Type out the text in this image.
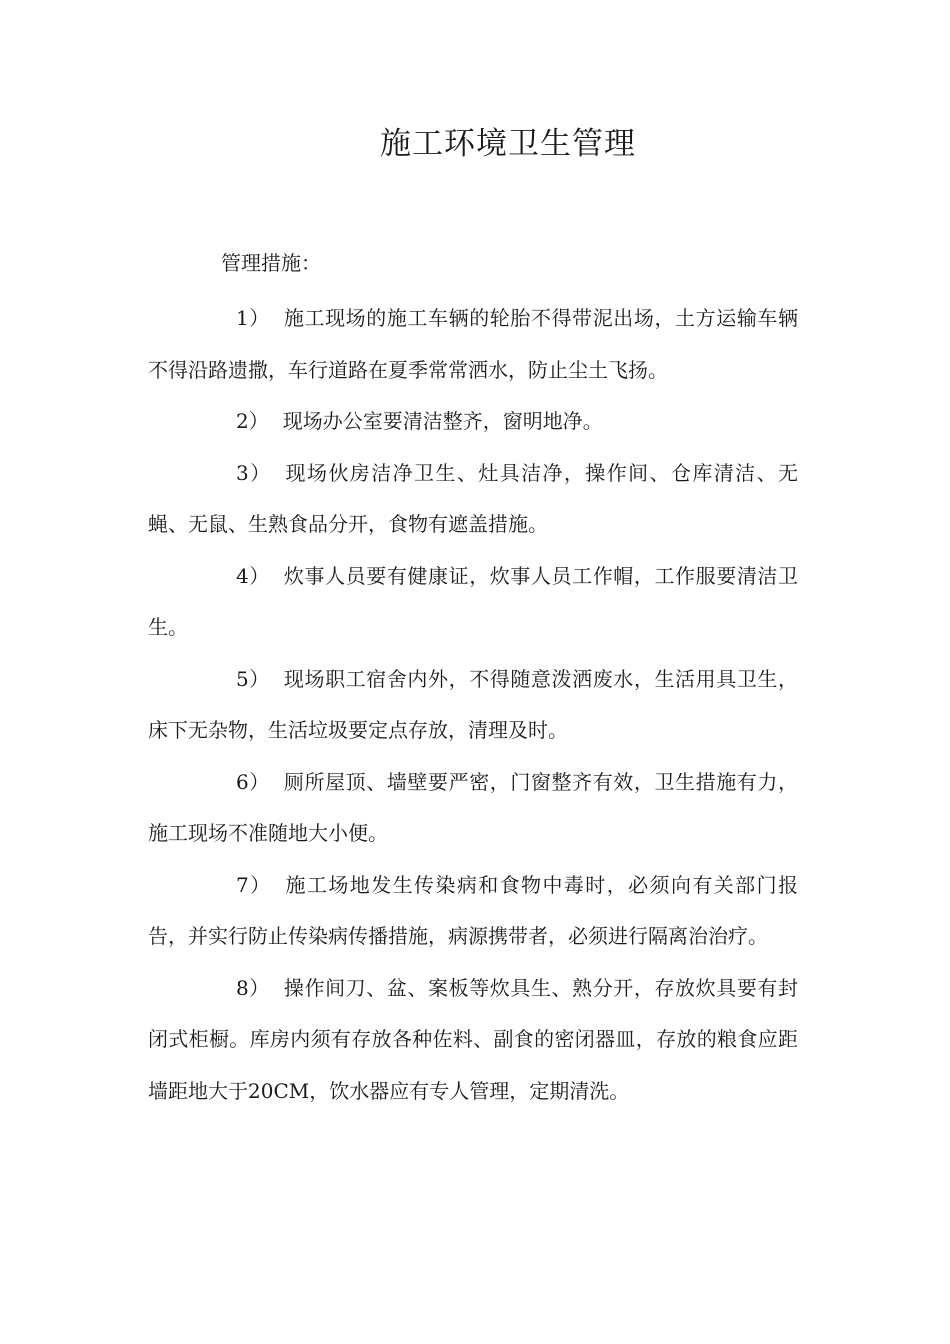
施工环境卫生管理

管理措施：

1） 施工现场的施工车辆的轮胎不得带泥出场，土方运输车辆不得沿路遗撒，车行道路在夏季常常洒水，防止尘土飞扬。

2） 现场办公室要清洁整齐，窗明地净。

3） 现场伙房洁净卫生、灶具洁净，操作间、仓库清洁、无蝇、无鼠、生熟食品分开，食物有遮盖措施。

4） 炊事人员要有健康证，炊事人员工作帽，工作服要清洁卫生。

5） 现场职工宿舍内外，不得随意泼洒废水，生活用具卫生，床下无杂物，生活垃圾要定点存放，清理及时。

6） 厕所屋顶、墙壁要严密，门窗整齐有效，卫生措施有力，施工现场不准随地大小便。

7） 施工场地发生传染病和食物中毒时，必须向有关部门报告，并实行防止传染病传播措施，病源携带者，必须进行隔离治治疗。

8） 操作间刀、盆、案板等炊具生、熟分开，存放炊具要有封闭式柜橱。库房内须有存放各种佐料、副食的密闭器皿，存放的粮食应距墙距地大于20CM，饮水器应有专人管理，定期清洗。
